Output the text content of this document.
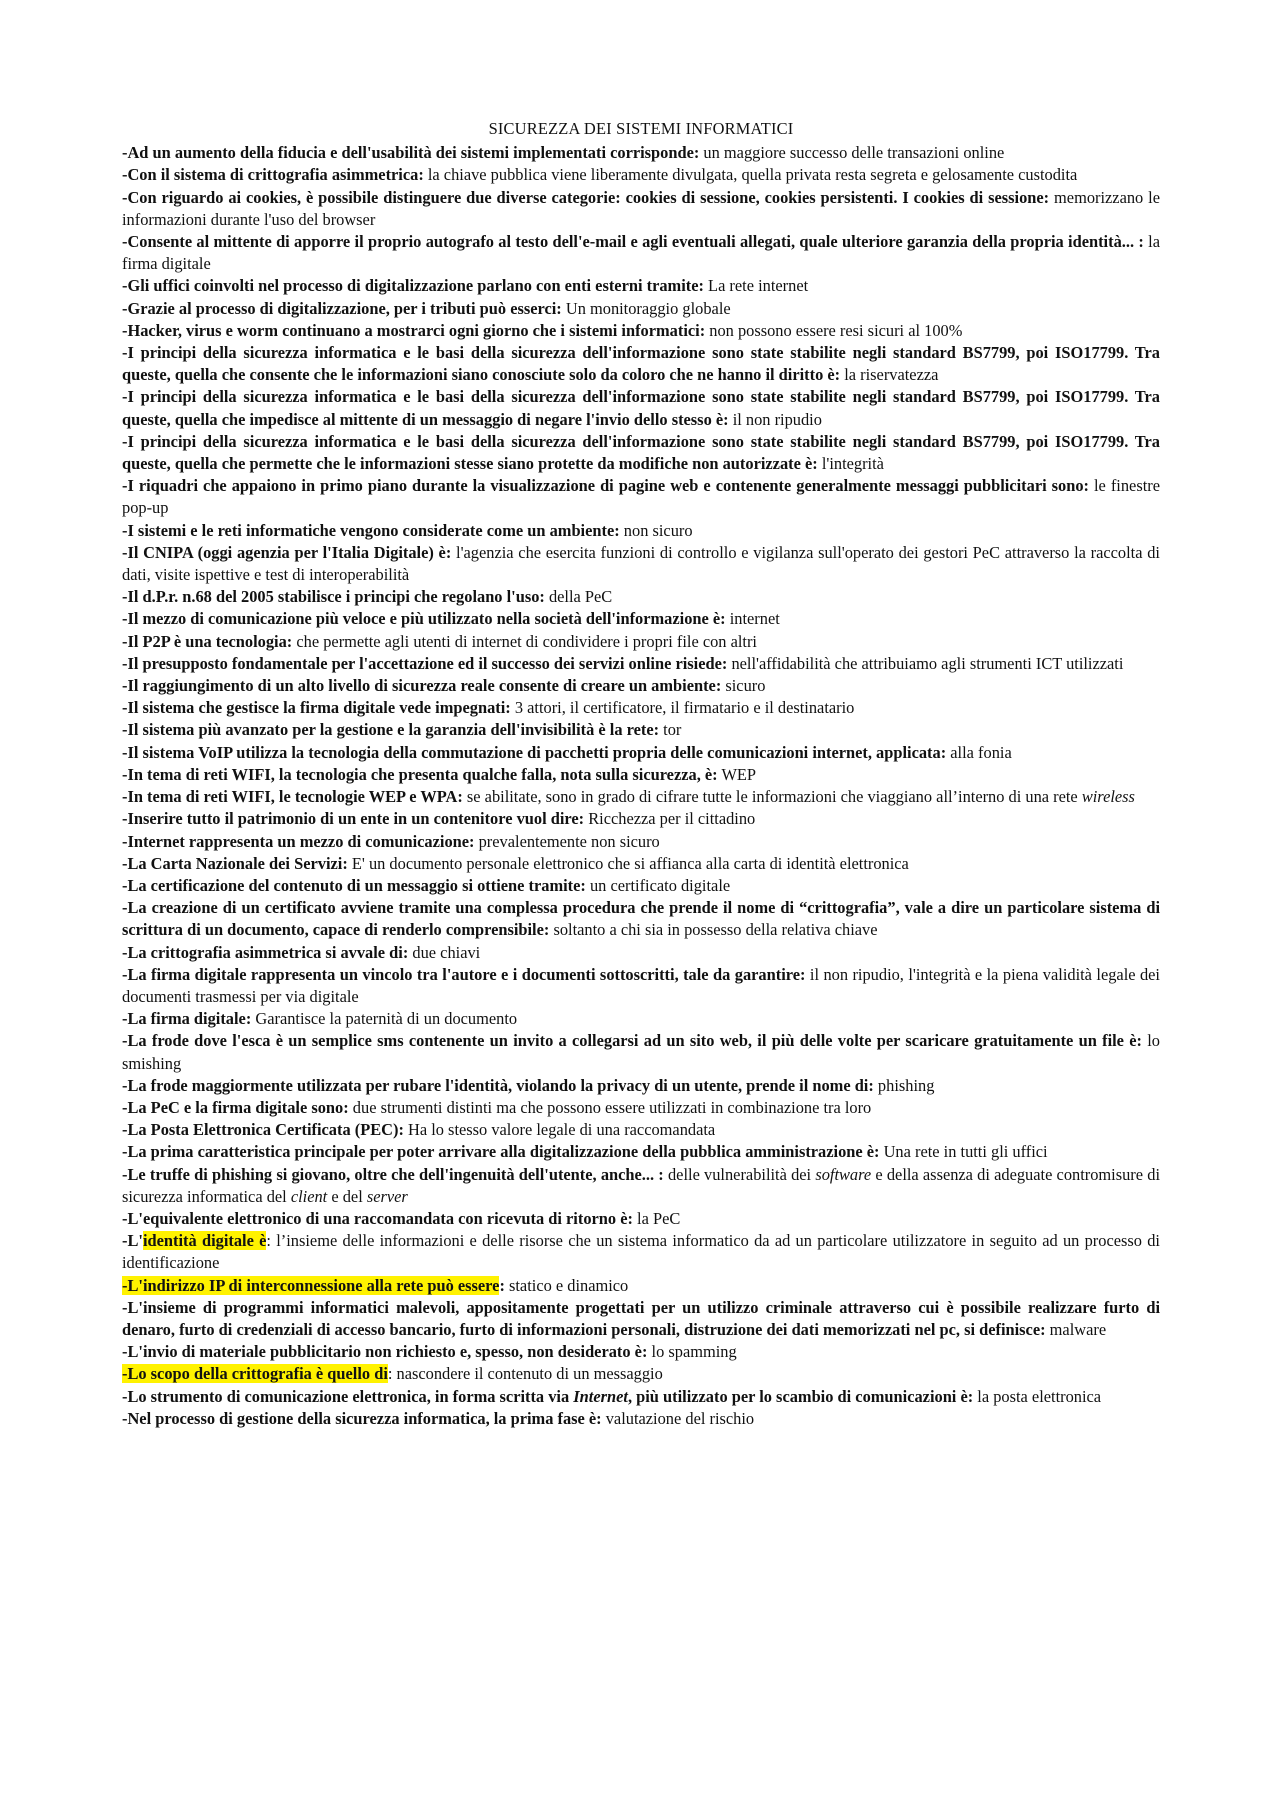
SICUREZZA DEI SISTEMI INFORMATICI

-Ad un aumento della fiducia e dell'usabilità dei sistemi implementati corrisponde: un maggiore successo delle transazioni online

-Con il sistema di crittografia asimmetrica: la chiave pubblica viene liberamente divulgata, quella privata resta segreta e gelosamente custodita

-Con riguardo ai cookies, è possibile distinguere due diverse categorie: cookies di sessione, cookies persistenti. I cookies di sessione: memorizzano le informazioni durante l'uso del browser

-Consente al mittente di apporre il proprio autografo al testo dell'e-mail e agli eventuali allegati, quale ulteriore garanzia della propria identità... : la firma digitale

-Gli uffici coinvolti nel processo di digitalizzazione parlano con enti esterni tramite: La rete internet

-Grazie al processo di digitalizzazione, per i tributi può esserci: Un monitoraggio globale

-Hacker, virus e worm continuano a mostrarci ogni giorno che i sistemi informatici: non possono essere resi sicuri al 100%

-I principi della sicurezza informatica e le basi della sicurezza dell'informazione sono state stabilite negli standard BS7799, poi ISO17799. Tra queste, quella che consente che le informazioni siano conosciute solo da coloro che ne hanno il diritto è: la riservatezza

-I principi della sicurezza informatica e le basi della sicurezza dell'informazione sono state stabilite negli standard BS7799, poi ISO17799. Tra queste, quella che impedisce al mittente di un messaggio di negare l'invio dello stesso è: il non ripudio

-I principi della sicurezza informatica e le basi della sicurezza dell'informazione sono state stabilite negli standard BS7799, poi ISO17799. Tra queste, quella che permette che le informazioni stesse siano protette da modifiche non autorizzate è: l'integrità

-I riquadri che appaiono in primo piano durante la visualizzazione di pagine web e contenente generalmente messaggi pubblicitari sono: le finestre pop-up

-I sistemi e le reti informatiche vengono considerate come un ambiente: non sicuro

-Il CNIPA (oggi agenzia per l'Italia Digitale) è: l'agenzia che esercita funzioni di controllo e vigilanza sull'operato dei gestori PeC attraverso la raccolta di dati, visite ispettive e test di interoperabilità

-Il d.P.r. n.68 del 2005 stabilisce i principi che regolano l'uso: della PeC

-Il mezzo di comunicazione più veloce e più utilizzato nella società dell'informazione è: internet

-Il P2P è una tecnologia: che permette agli utenti di internet di condividere i propri file con altri

-Il presupposto fondamentale per l'accettazione ed il successo dei servizi online risiede: nell'affidabilità che attribuiamo agli strumenti ICT utilizzati

-Il raggiungimento di un alto livello di sicurezza reale consente di creare un ambiente: sicuro

-Il sistema che gestisce la firma digitale vede impegnati: 3 attori, il certificatore, il firmatario e il destinatario

-Il sistema più avanzato per la gestione e la garanzia dell'invisibilità è la rete: tor

-Il sistema VoIP utilizza la tecnologia della commutazione di pacchetti propria delle comunicazioni internet, applicata: alla fonia

-In tema di reti WIFI, la tecnologia che presenta qualche falla, nota sulla sicurezza, è: WEP

-In tema di reti WIFI, le tecnologie WEP e WPA: se abilitate, sono in grado di cifrare tutte le informazioni che viaggiano all’interno di una rete wireless

-Inserire tutto il patrimonio di un ente in un contenitore vuol dire: Ricchezza per il cittadino

-Internet rappresenta un mezzo di comunicazione: prevalentemente non sicuro

-La Carta Nazionale dei Servizi: E' un documento personale elettronico che si affianca alla carta di identità elettronica

-La certificazione del contenuto di un messaggio si ottiene tramite: un certificato digitale

-La creazione di un certificato avviene tramite una complessa procedura che prende il nome di “crittografia”, vale a dire un particolare sistema di scrittura di un documento, capace di renderlo comprensibile: soltanto a chi sia in possesso della relativa chiave

-La crittografia asimmetrica si avvale di: due chiavi

-La firma digitale rappresenta un vincolo tra l'autore e i documenti sottoscritti, tale da garantire: il non ripudio, l'integrità e la piena validità legale dei documenti trasmessi per via digitale

-La firma digitale: Garantisce la paternità di un documento

-La frode dove l'esca è un semplice sms contenente un invito a collegarsi ad un sito web, il più delle volte per scaricare gratuitamente un file è: lo smishing

-La frode maggiormente utilizzata per rubare l'identità, violando la privacy di un utente, prende il nome di: phishing

-La PeC e la firma digitale sono: due strumenti distinti ma che possono essere utilizzati in combinazione tra loro

-La Posta Elettronica Certificata (PEC): Ha lo stesso valore legale di una raccomandata

-La prima caratteristica principale per poter arrivare alla digitalizzazione della pubblica amministrazione è: Una rete in tutti gli uffici

-Le truffe di phishing si giovano, oltre che dell'ingenuità dell'utente, anche... : delle vulnerabilità dei software e della assenza di adeguate contromisure di sicurezza informatica del client e del server

-L'equivalente elettronico di una raccomandata con ricevuta di ritorno è: la PeC

-L'identità digitale è: l’insieme delle informazioni e delle risorse che un sistema informatico da ad un particolare utilizzatore in seguito ad un processo di identificazione

-L'indirizzo IP di interconnessione alla rete può essere: statico e dinamico

-L'insieme di programmi informatici malevoli, appositamente progettati per un utilizzo criminale attraverso cui è possibile realizzare furto di denaro, furto di credenziali di accesso bancario, furto di informazioni personali, distruzione dei dati memorizzati nel pc, si definisce: malware

-L'invio di materiale pubblicitario non richiesto e, spesso, non desiderato è: lo spamming

-Lo scopo della crittografia è quello di: nascondere il contenuto di un messaggio

-Lo strumento di comunicazione elettronica, in forma scritta via Internet, più utilizzato per lo scambio di comunicazioni è: la posta elettronica

-Nel processo di gestione della sicurezza informatica, la prima fase è: valutazione del rischio
